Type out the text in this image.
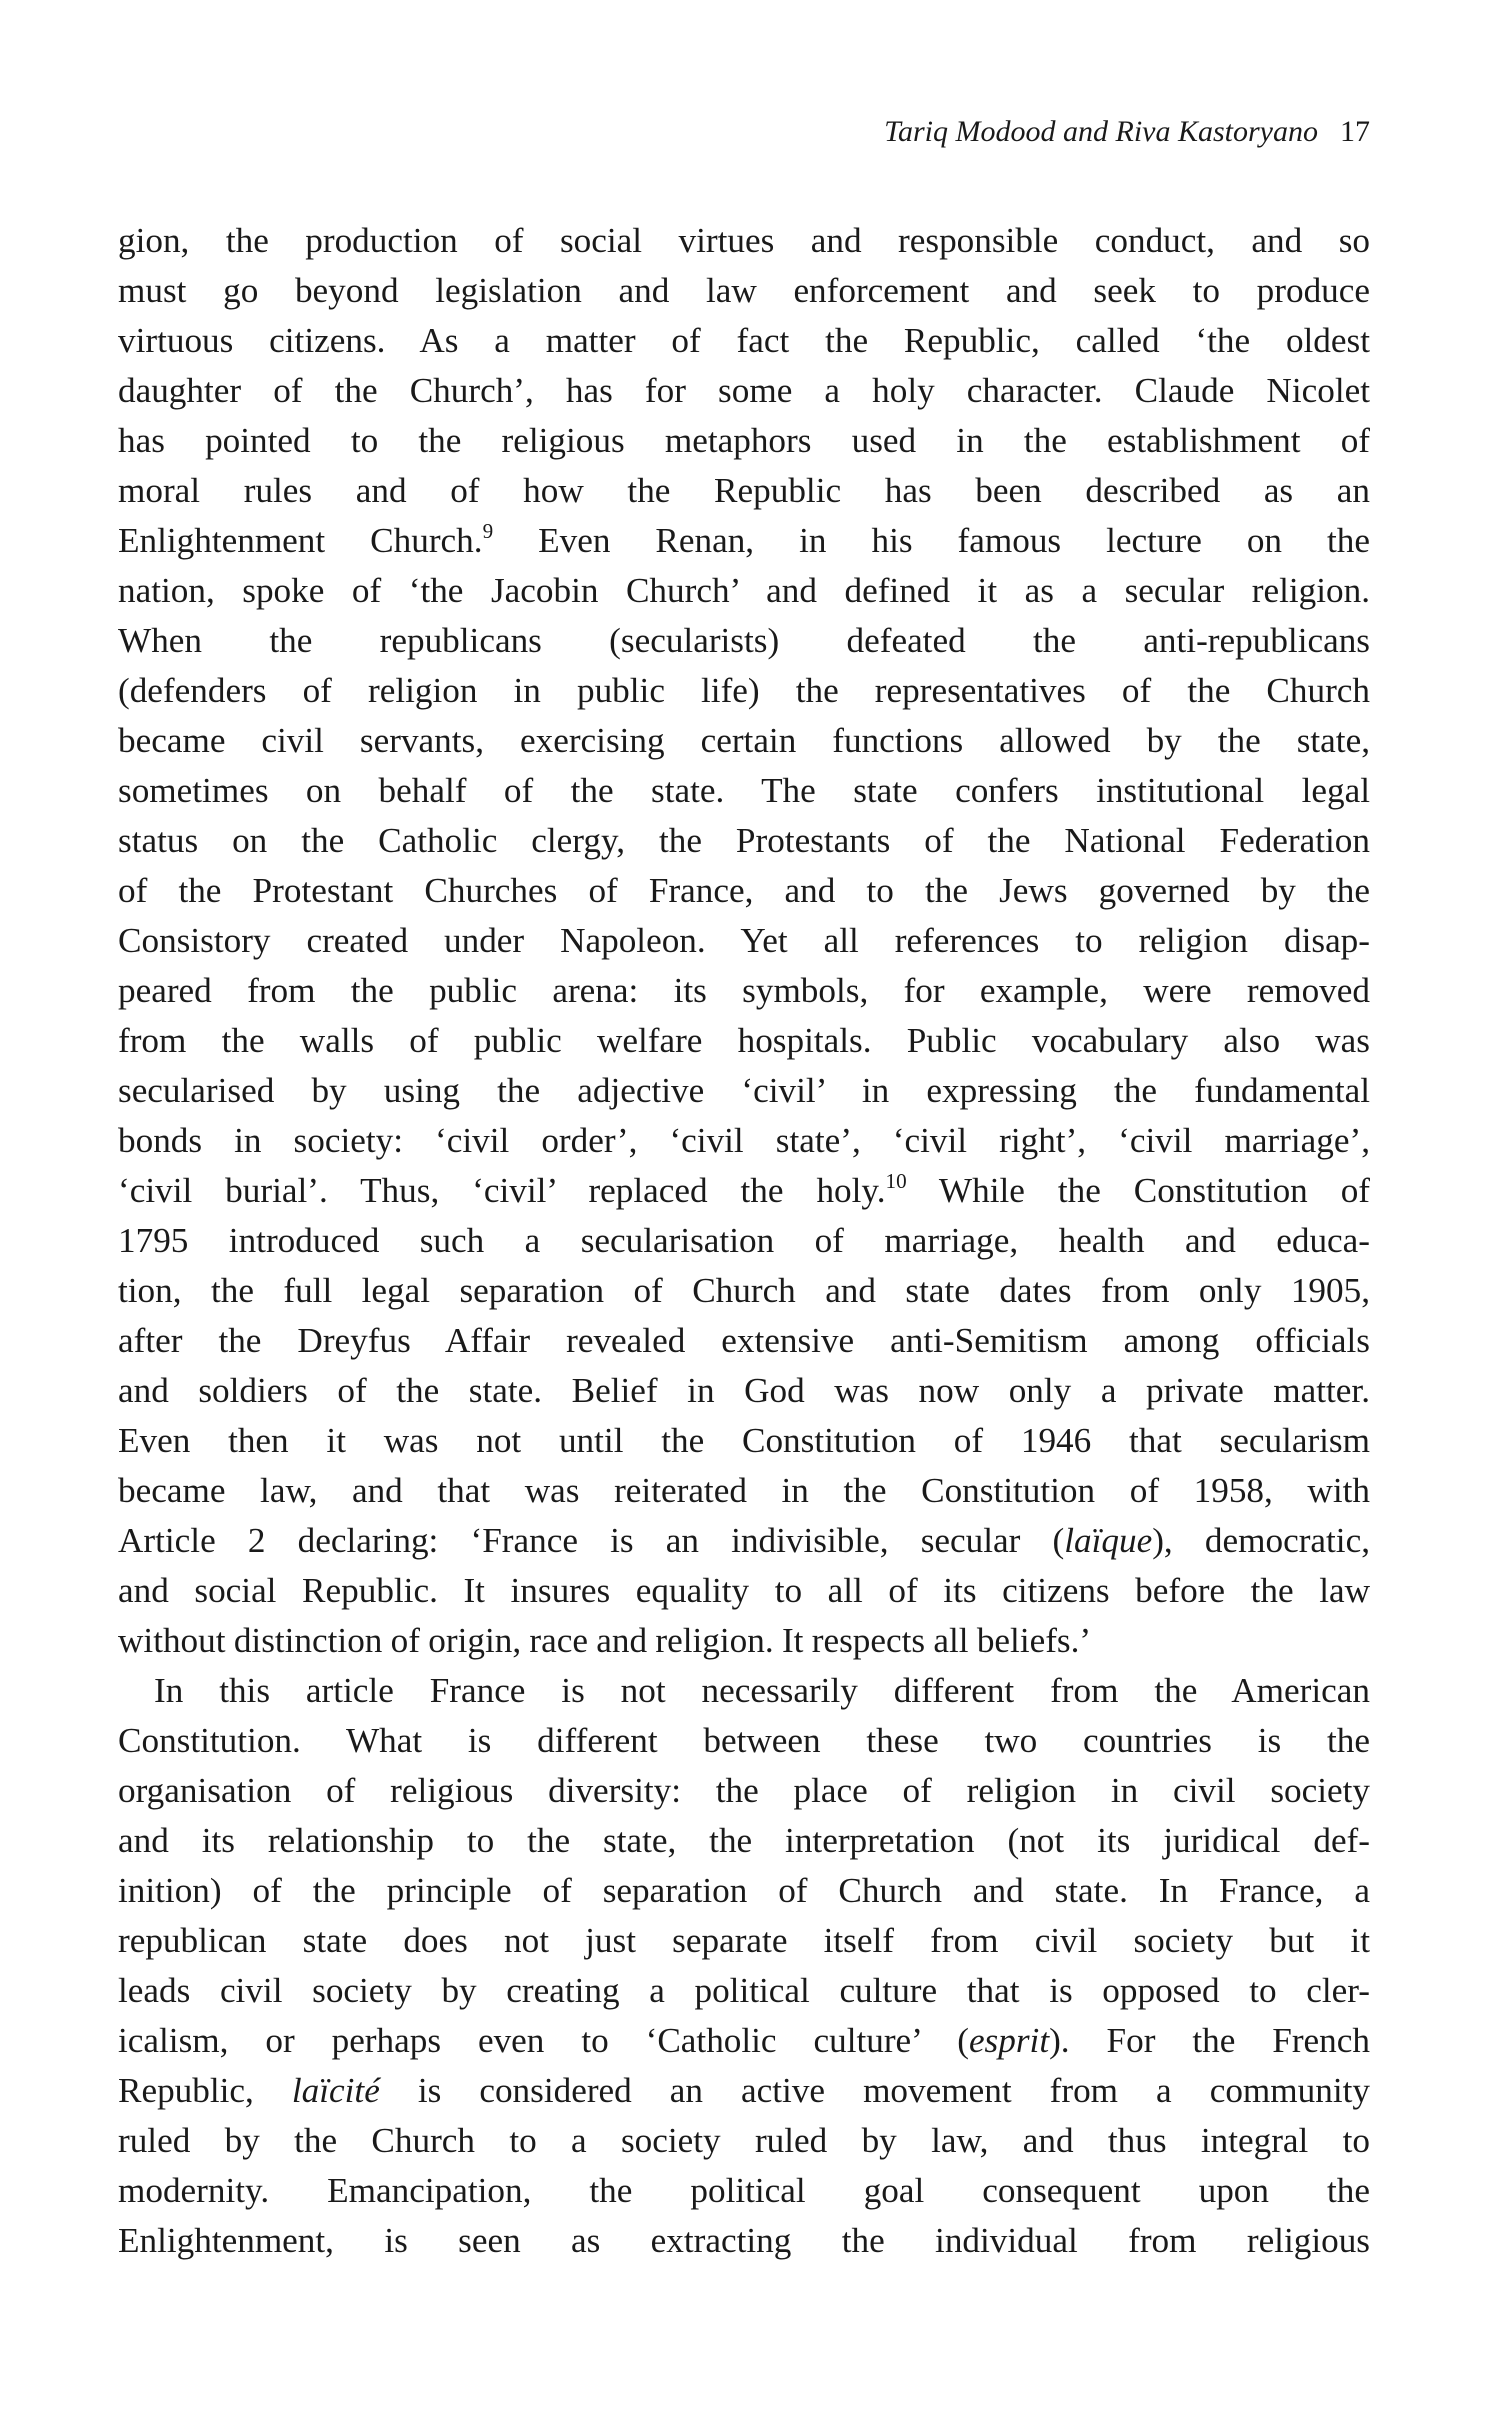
Tariq Modood and Riva Kastoryano 17
gion, the production of social virtues and responsible conduct, and so
must go beyond legislation and law enforcement and seek to produce
virtuous citizens. As a matter of fact the Republic, called ‘the oldest
daughter of the Church’, has for some a holy character. Claude Nicolet
has pointed to the religious metaphors used in the establishment of
moral rules and of how the Republic has been described as an
Enlightenment Church.$^9$ Even Renan, in his famous lecture on the
nation, spoke of ‘the Jacobin Church’ and defined it as a secular religion.
When the republicans (secularists) defeated the anti-republicans
(defenders of religion in public life) the representatives of the Church
became civil servants, exercising certain functions allowed by the state,
sometimes on behalf of the state. The state confers institutional legal
status on the Catholic clergy, the Protestants of the National Federation
of the Protestant Churches of France, and to the Jews governed by the
Consistory created under Napoleon. Yet all references to religion disap-
peared from the public arena: its symbols, for example, were removed
from the walls of public welfare hospitals. Public vocabulary also was
secularised by using the adjective ‘civil’ in expressing the fundamental
bonds in society: ‘civil order’, ‘civil state’, ‘civil right’, ‘civil marriage’,
‘civil burial’. Thus, ‘civil’ replaced the holy.$^{10}$ While the Constitution of
1795 introduced such a secularisation of marriage, health and educa-
tion, the full legal separation of Church and state dates from only 1905,
after the Dreyfus Affair revealed extensive anti-Semitism among officials
and soldiers of the state. Belief in God was now only a private matter.
Even then it was not until the Constitution of 1946 that secularism
became law, and that was reiterated in the Constitution of 1958, with
Article 2 declaring: ‘France is an indivisible, secular (laïque), democratic,
and social Republic. It insures equality to all of its citizens before the law
without distinction of origin, race and religion. It respects all beliefs.’
In this article France is not necessarily different from the American
Constitution. What is different between these two countries is the
organisation of religious diversity: the place of religion in civil society
and its relationship to the state, the interpretation (not its juridical def-
inition) of the principle of separation of Church and state. In France, a
republican state does not just separate itself from civil society but it
leads civil society by creating a political culture that is opposed to cler-
icalism, or perhaps even to ‘Catholic culture’ (esprit). For the French
Republic, laïcité is considered an active movement from a community
ruled by the Church to a society ruled by law, and thus integral to
modernity. Emancipation, the political goal consequent upon the
Enlightenment, is seen as extracting the individual from religious
